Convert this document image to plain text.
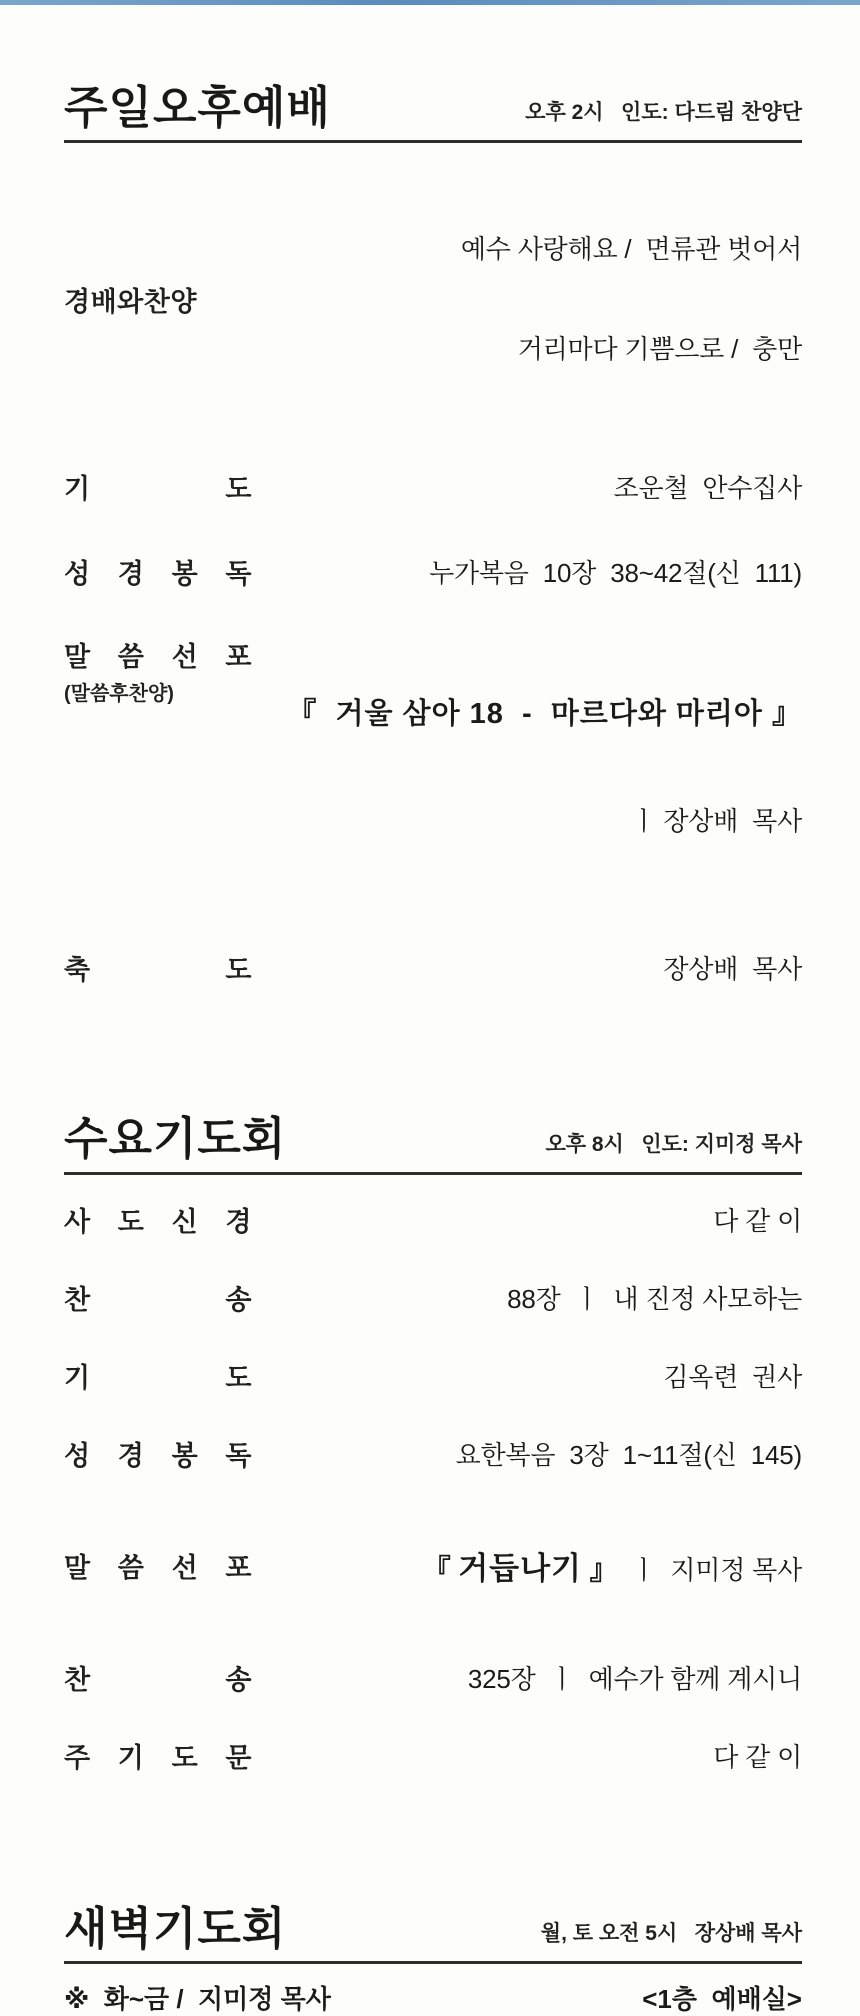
주일오후예배	오후 2시   인도: 다드림 찬양단
경배와찬양

예수 사랑해요 /  면류관 벗어서

거리마다 기쁨으로 /  충만

기 도	조운철  안수집사
성 경 봉 독	누가복음  10장  38~42절(신  111)
말 씀 선 포
(말씀후찬양)

『  거울 삼아 18  -  마르다와 마리아 』

ㅣ 장상배  목사

축 도	장상배  목사
수요기도회	오후 8시   인도: 지미정 목사
사 도 신 경	다 같 이
찬 송	88장  ㅣ  내 진정 사모하는
기 도	김옥련  권사
성 경 봉 독	요한복음  3장  1~11절(신  145)
말 씀 선 포	『 거듭나기 』  ㅣ  지미정 목사

찬 송	325장  ㅣ  예수가 함께 계시니
주 기 도 문	다 같 이
새벽기도회	월, 토 오전 5시   장상배 목사
※  화~금 /  지미정 목사	<1층  예배실>
